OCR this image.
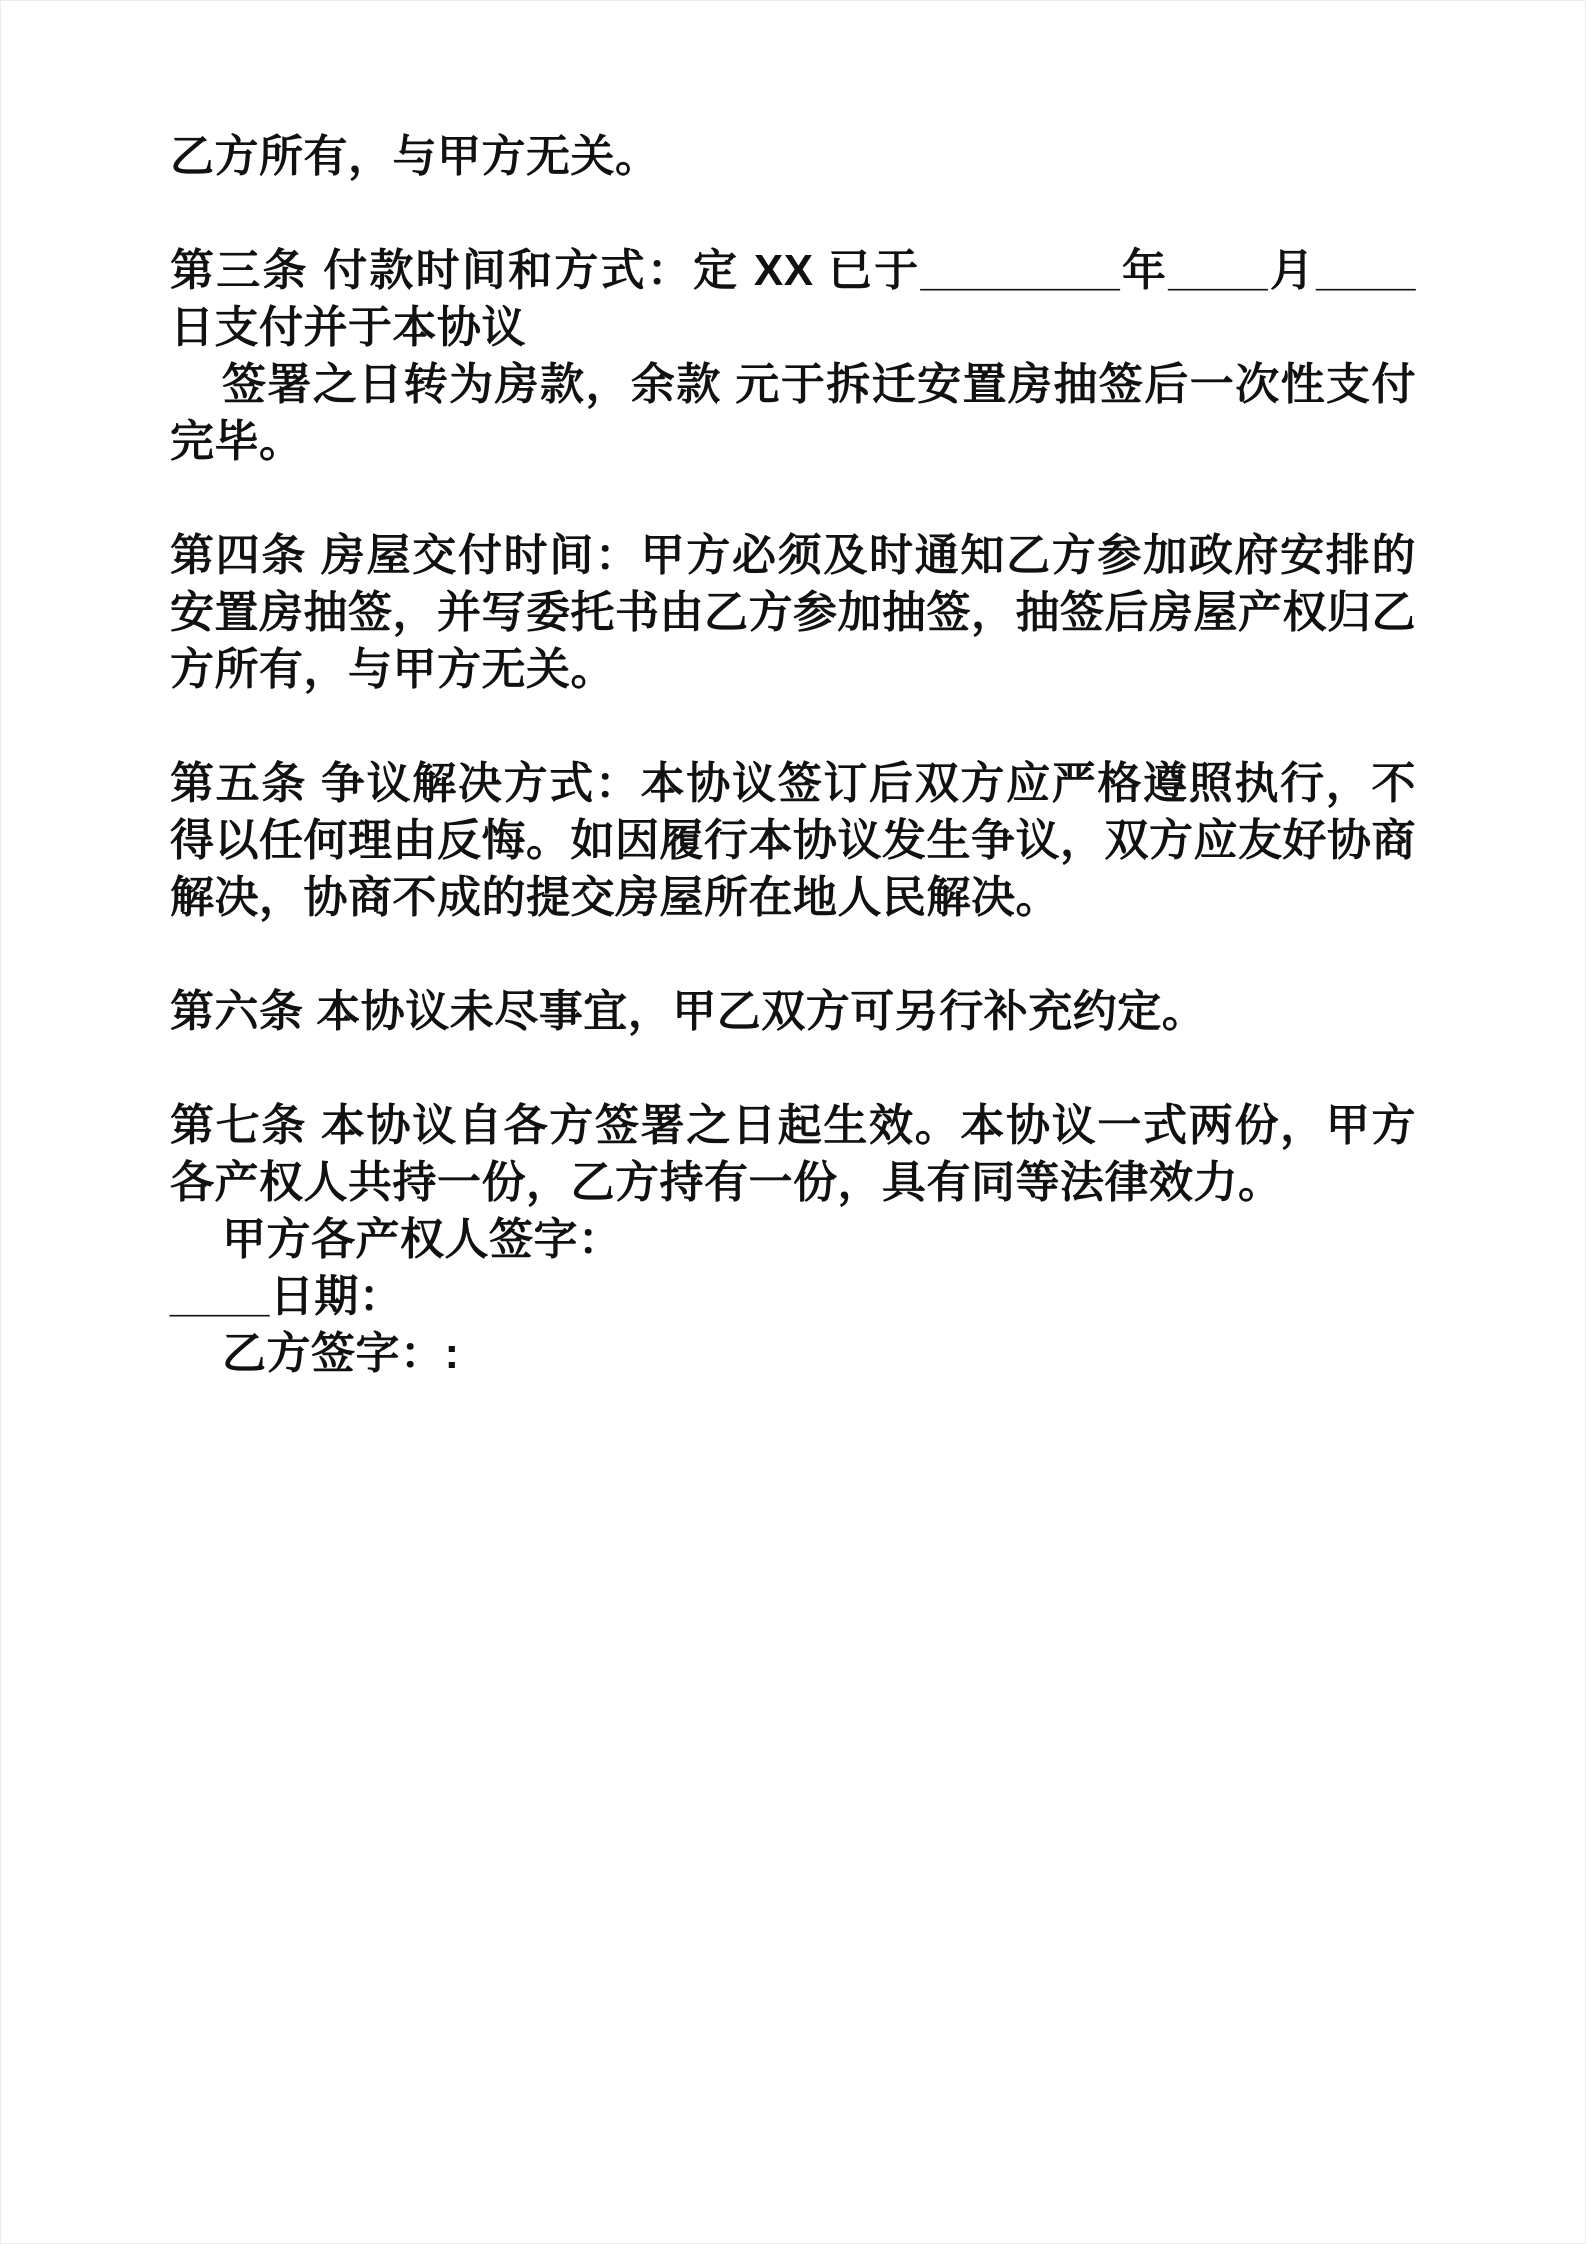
乙方所有，与甲方无关。

第三条 付款时间和方式：定 XX 已于________年____月____日支付并于本协议

签署之日转为房款，余款 元于拆迁安置房抽签后一次性支付完毕。

第四条 房屋交付时间：甲方必须及时通知乙方参加政府安排的安置房抽签，并写委托书由乙方参加抽签，抽签后房屋产权归乙方所有，与甲方无关。

第五条 争议解决方式：本协议签订后双方应严格遵照执行，不得以任何理由反悔。如因履行本协议发生争议，双方应友好协商解决，协商不成的提交房屋所在地人民解决。

第六条 本协议未尽事宜，甲乙双方可另行补充约定。

第七条 本协议自各方签署之日起生效。本协议一式两份，甲方各产权人共持一份，乙方持有一份，具有同等法律效力。

甲方各产权人签字：

____日期：

乙方签字：:
